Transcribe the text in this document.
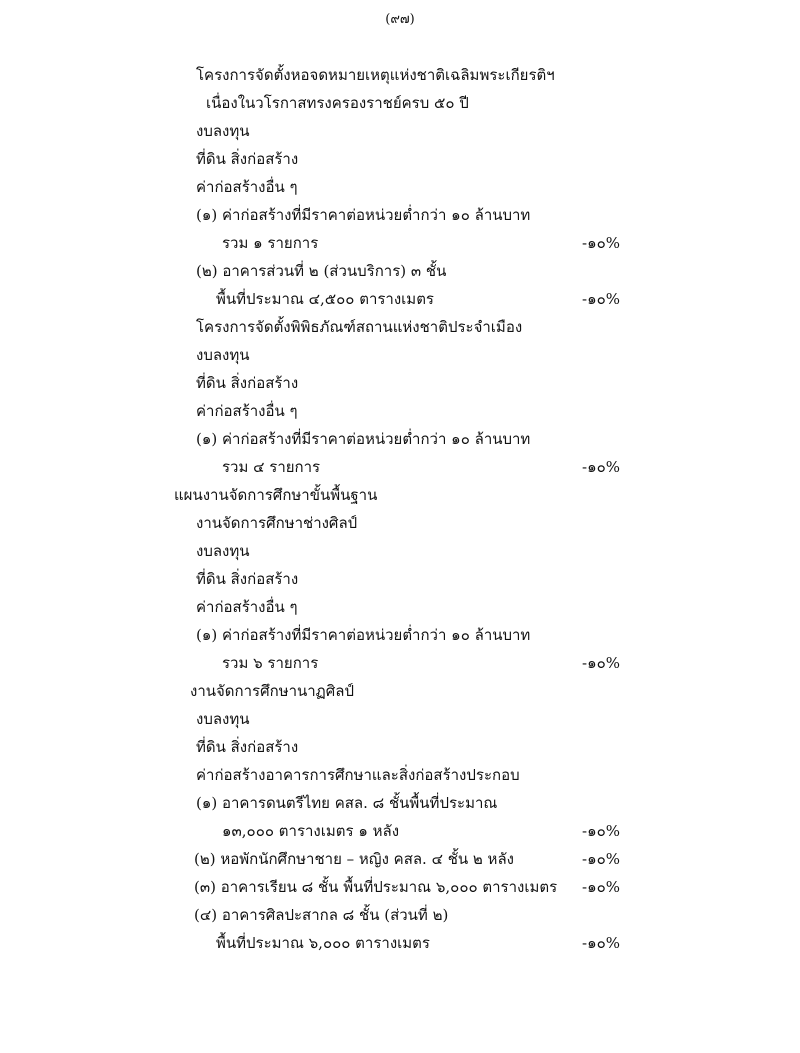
(๙๗)
โครงการจัดตั้งหอจดหมายเหตุแห่งชาติเฉลิมพระเกียรติฯ
เนื่องในวโรกาสทรงครองราชย์ครบ ๕๐ ปี
งบลงทุน
ที่ดิน สิ่งก่อสร้าง
ค่าก่อสร้างอื่น ๆ
(๑) ค่าก่อสร้างที่มีราคาต่อหน่วยต่ำกว่า ๑๐ ล้านบาท
รวม ๑ รายการ	-๑๐%
(๒) อาคารส่วนที่ ๒ (ส่วนบริการ) ๓ ชั้น
พื้นที่ประมาณ ๔,๕๐๐ ตารางเมตร	-๑๐%
โครงการจัดตั้งพิพิธภัณฑ์สถานแห่งชาติประจำเมือง
งบลงทุน
ที่ดิน สิ่งก่อสร้าง
ค่าก่อสร้างอื่น ๆ
(๑) ค่าก่อสร้างที่มีราคาต่อหน่วยต่ำกว่า ๑๐ ล้านบาท
รวม ๔ รายการ	-๑๐%
แผนงานจัดการศึกษาขั้นพื้นฐาน
งานจัดการศึกษาช่างศิลป์
งบลงทุน
ที่ดิน สิ่งก่อสร้าง
ค่าก่อสร้างอื่น ๆ
(๑) ค่าก่อสร้างที่มีราคาต่อหน่วยต่ำกว่า ๑๐ ล้านบาท
รวม ๖ รายการ	-๑๐%
งานจัดการศึกษานาฏศิลป์
งบลงทุน
ที่ดิน สิ่งก่อสร้าง
ค่าก่อสร้างอาคารการศึกษาและสิ่งก่อสร้างประกอบ
(๑) อาคารดนตรีไทย คสล. ๘ ชั้นพื้นที่ประมาณ
๑๓,๐๐๐ ตารางเมตร ๑ หลัง	-๑๐%
(๒) หอพักนักศึกษาชาย – หญิง คสล. ๔ ชั้น ๒ หลัง	-๑๐%
(๓) อาคารเรียน ๘ ชั้น พื้นที่ประมาณ ๖,๐๐๐ ตารางเมตร -๑๐%
(๔) อาคารศิลปะสากล ๘ ชั้น (ส่วนที่ ๒)
พื้นที่ประมาณ ๖,๐๐๐ ตารางเมตร	-๑๐%
